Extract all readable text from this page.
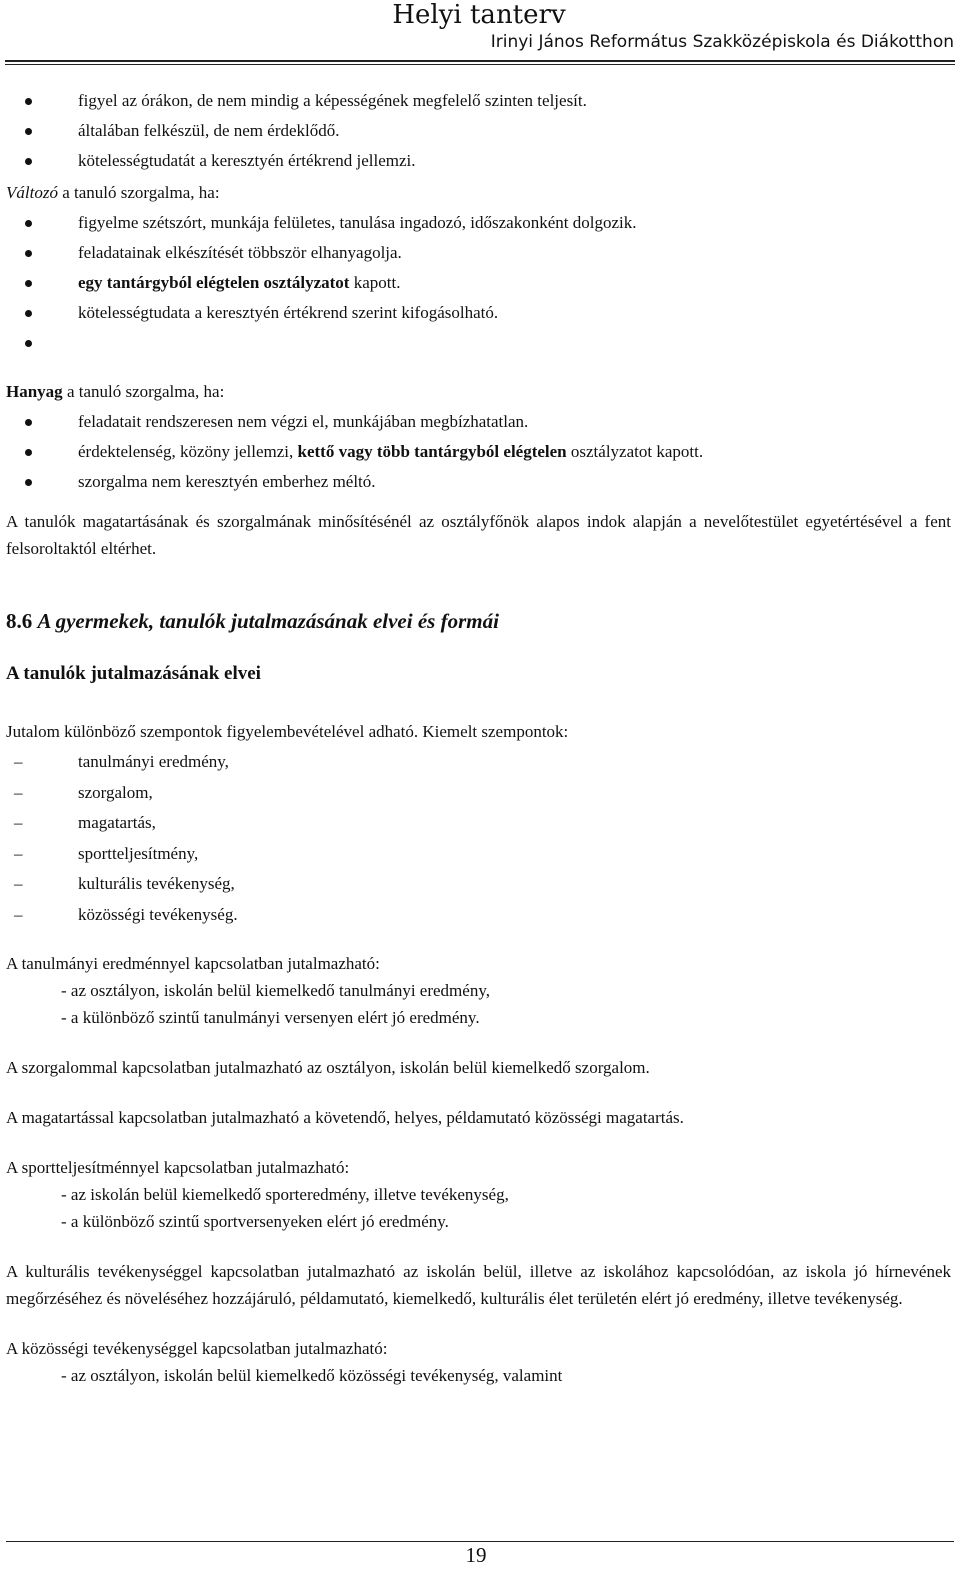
Helyi tanterv
Irinyi János Református Szakközépiskola és Diákotthon
figyel az órákon, de nem mindig a képességének megfelelő szinten teljesít.
általában felkészül, de nem érdeklődő.
kötelességtudatát a keresztyén értékrend jellemzi.
Változó a tanuló szorgalma, ha:
figyelme szétszórt, munkája felületes, tanulása ingadozó, időszakonként dolgozik.
feladatainak elkészítését többször elhanyagolja.
egy tantárgyból elégtelen osztályzatot kapott.
kötelességtudata a keresztyén értékrend szerint kifogásolható.

Hanyag a tanuló szorgalma, ha:
feladatait rendszeresen nem végzi el, munkájában megbízhatatlan.
érdektelenség, közöny jellemzi, kettő vagy több tantárgyból elégtelen osztályzatot kapott.
szorgalma nem keresztyén emberhez méltó.
A tanulók magatartásának és szorgalmának minősítésénél az osztályfőnök alapos indok alapján a nevelőtestület egyetértésével a fent felsoroltaktól eltérhet.
8.6 A gyermekek, tanulók jutalmazásának elvei és formái
A tanulók jutalmazásának elvei
Jutalom különböző szempontok figyelembevételével adható. Kiemelt szempontok:
–	tanulmányi eredmény,
–	szorgalom,
–	magatartás,
–	sportteljesítmény,
–	kulturális tevékenység,
–	közösségi tevékenység.
A tanulmányi eredménnyel kapcsolatban jutalmazható:
- az osztályon, iskolán belül kiemelkedő tanulmányi eredmény,
- a különböző szintű tanulmányi versenyen elért jó eredmény.
A szorgalommal kapcsolatban jutalmazható az osztályon, iskolán belül kiemelkedő szorgalom.
A magatartással kapcsolatban jutalmazható a követendő, helyes, példamutató közösségi magatartás.
A sportteljesítménnyel kapcsolatban jutalmazható:
- az iskolán belül kiemelkedő sporteredmény, illetve tevékenység,
- a különböző szintű sportversenyeken elért jó eredmény.
A kulturális tevékenységgel kapcsolatban jutalmazható az iskolán belül, illetve az iskolához kapcsolódóan, az iskola jó hírnevének megőrzéséhez és növeléséhez hozzájáruló, példamutató, kiemelkedő, kulturális élet területén elért jó eredmény, illetve tevékenység.
A közösségi tevékenységgel kapcsolatban jutalmazható:
- az osztályon, iskolán belül kiemelkedő közösségi tevékenység, valamint
19
